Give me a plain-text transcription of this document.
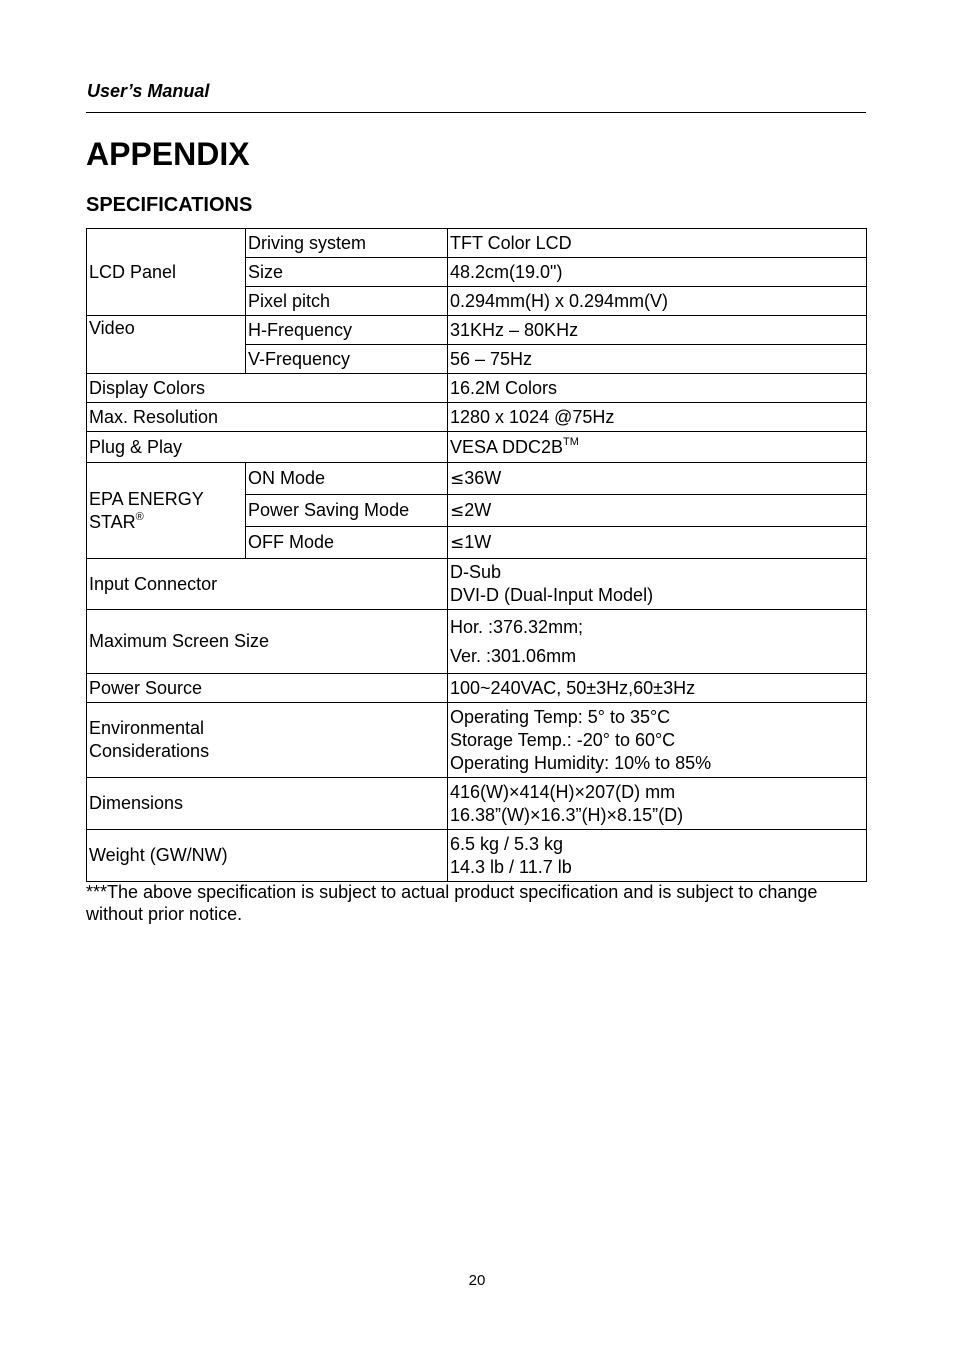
User’s Manual
APPENDIX
SPECIFICATIONS
LCD Panel	Driving system	TFT Color LCD
	Size	48.2cm(19.0")
	Pixel pitch	0.294mm(H) x 0.294mm(V)
Video	H-Frequency	31KHz – 80KHz
	V-Frequency	56 – 75Hz
Display Colors		16.2M Colors
Max. Resolution		1280 x 1024 @75Hz
Plug & Play		VESA DDC2B™
EPA ENERGY
STAR®	ON Mode	≤36W
	Power Saving Mode	≤2W
	OFF Mode	≤1W
Input Connector		D-Sub
DVI-D (Dual-Input Model)
Maximum Screen Size		Hor. :376.32mm;
Ver. :301.06mm
Power Source		100~240VAC, 50±3Hz,60±3Hz
Environmental
Considerations		Operating Temp: 5° to 35°C
Storage Temp.: -20° to 60°C
Operating Humidity: 10% to 85%
Dimensions		416(W)×414(H)×207(D) mm
16.38”(W)×16.3”(H)×8.15”(D)
Weight (GW/NW)		6.5 kg / 5.3 kg
14.3 lb / 11.7 lb
***The above specification is subject to actual product specification and is subject to change without prior notice.
20
